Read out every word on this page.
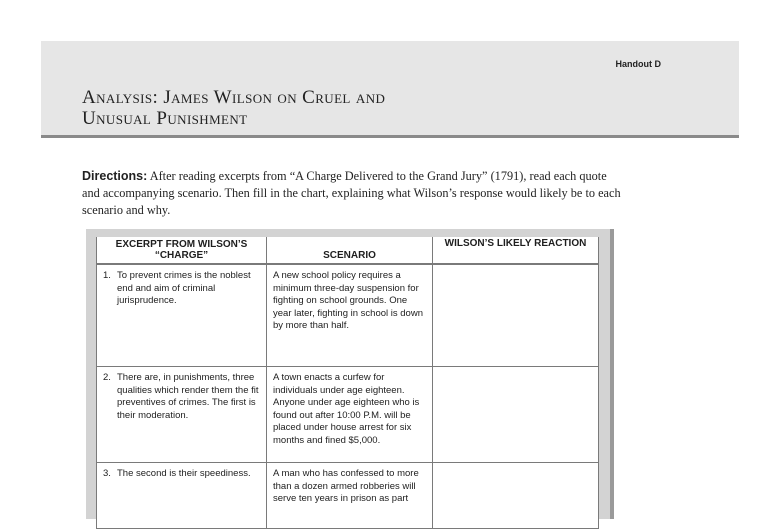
Handout D
Analysis: James Wilson on Cruel and
Unusual Punishment
Directions: After reading excerpts from “A Charge Delivered to the Grand Jury” (1791), read each quote and accompanying scenario. Then fill in the chart, explaining what Wilson’s response would likely be to each scenario and why.
EXCERPT FROM WILSON’S “CHARGE”	SCENARIO	WILSON’S LIKELY REACTION

1. To prevent crimes is the noblest end and aim of criminal jurisprudence.	A new school policy requires a minimum three-day suspension for fighting on school grounds. One year later, fighting in school is down by more than half.	

2. There are, in punishments, three qualities which render them the fit preventives of crimes. The first is their moderation.	A town enacts a curfew for individuals under age eighteen. Anyone under age eighteen who is found out after 10:00 P.M. will be placed under house arrest for six months and fined $5,000.	

3. The second is their speediness.	A man who has confessed to more than a dozen armed robberies will serve ten years in prison as part	
